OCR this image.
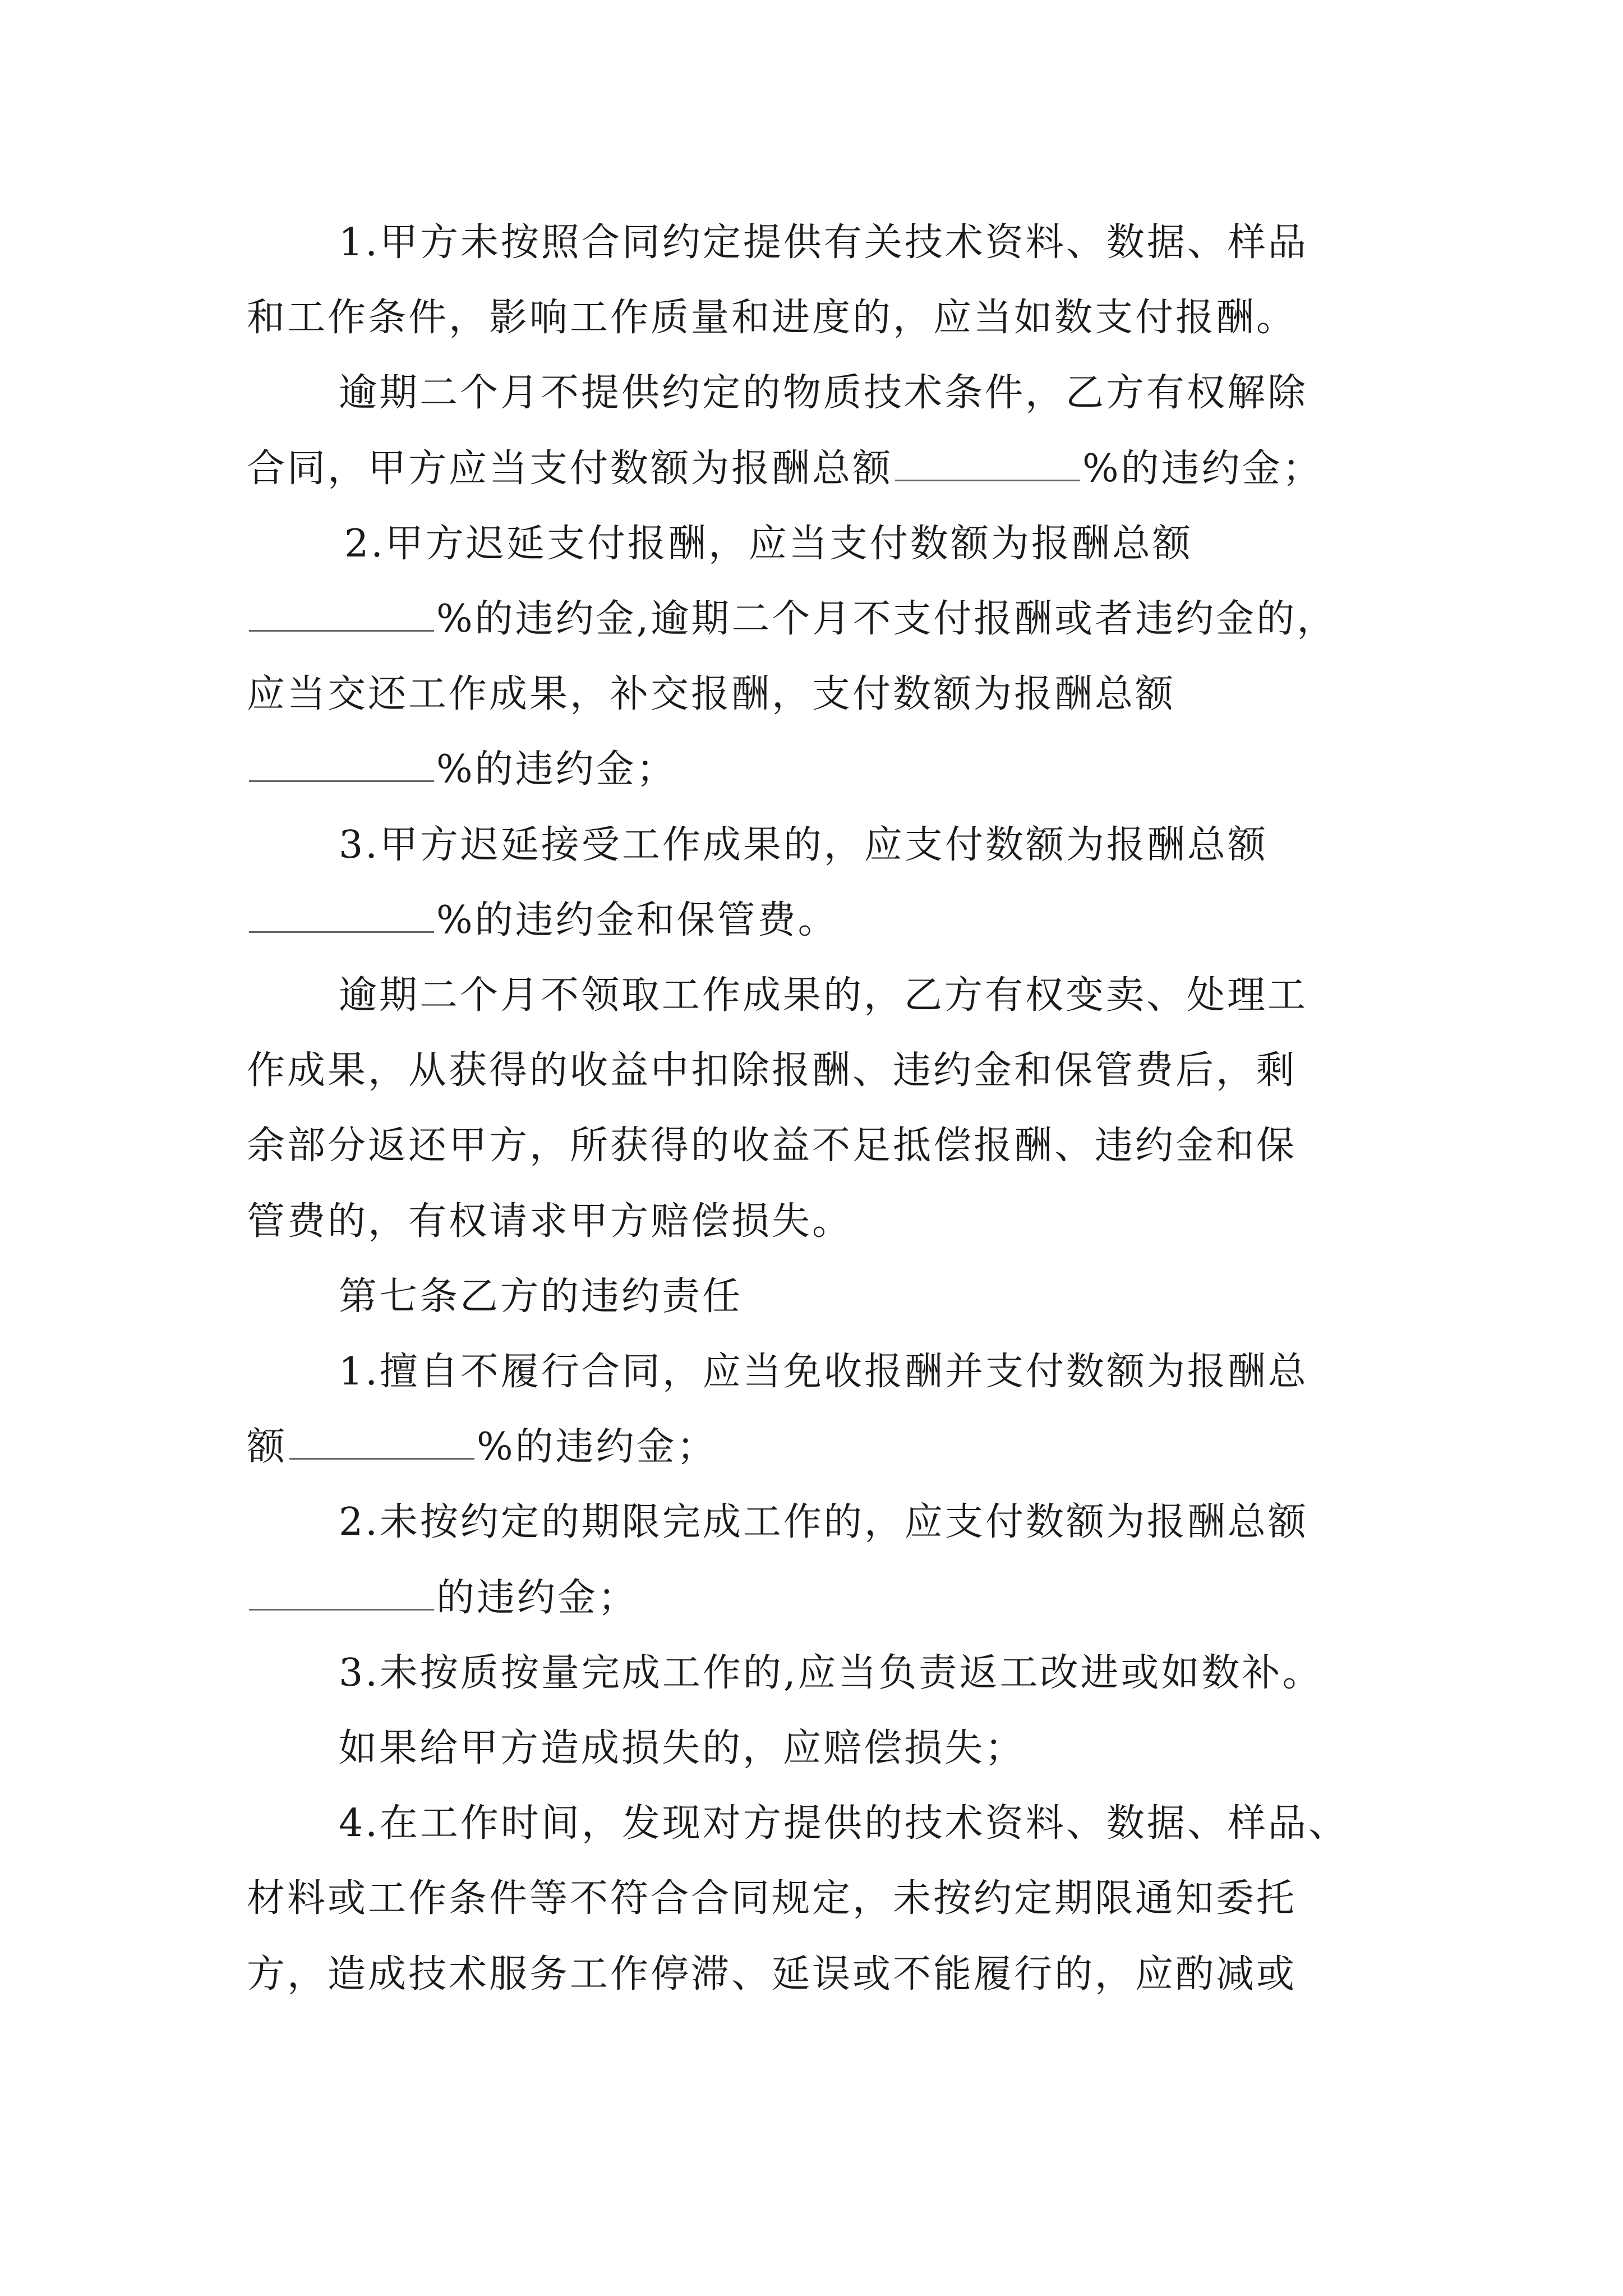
1.甲方未按照合同约定提供有关技术资料、数据、样品
和工作条件，影响工作质量和进度的，应当如数支付报酬。
逾期二个月不提供约定的物质技术条件，乙方有权解除
合同，甲方应当支付数额为报酬总额	%的违约金；
2.甲方迟延支付报酬，应当支付数额为报酬总额
%的违约金,逾期二个月不支付报酬或者违约金的，
应当交还工作成果，补交报酬，支付数额为报酬总额
%的违约金；
3.甲方迟延接受工作成果的，应支付数额为报酬总额
%的违约金和保管费。
逾期二个月不领取工作成果的，乙方有权变卖、处理工
作成果，从获得的收益中扣除报酬、违约金和保管费后，剩
余部分返还甲方，所获得的收益不足抵偿报酬、违约金和保
管费的，有权请求甲方赔偿损失。
第七条乙方的违约责任
1.擅自不履行合同，应当免收报酬并支付数额为报酬总
额	%的违约金；
2.未按约定的期限完成工作的，应支付数额为报酬总额
的违约金；
3.未按质按量完成工作的,应当负责返工改进或如数补。
如果给甲方造成损失的，应赔偿损失；
4.在工作时间，发现对方提供的技术资料、数据、样品、
材料或工作条件等不符合合同规定，未按约定期限通知委托
方，造成技术服务工作停滞、延误或不能履行的，应酌减或
